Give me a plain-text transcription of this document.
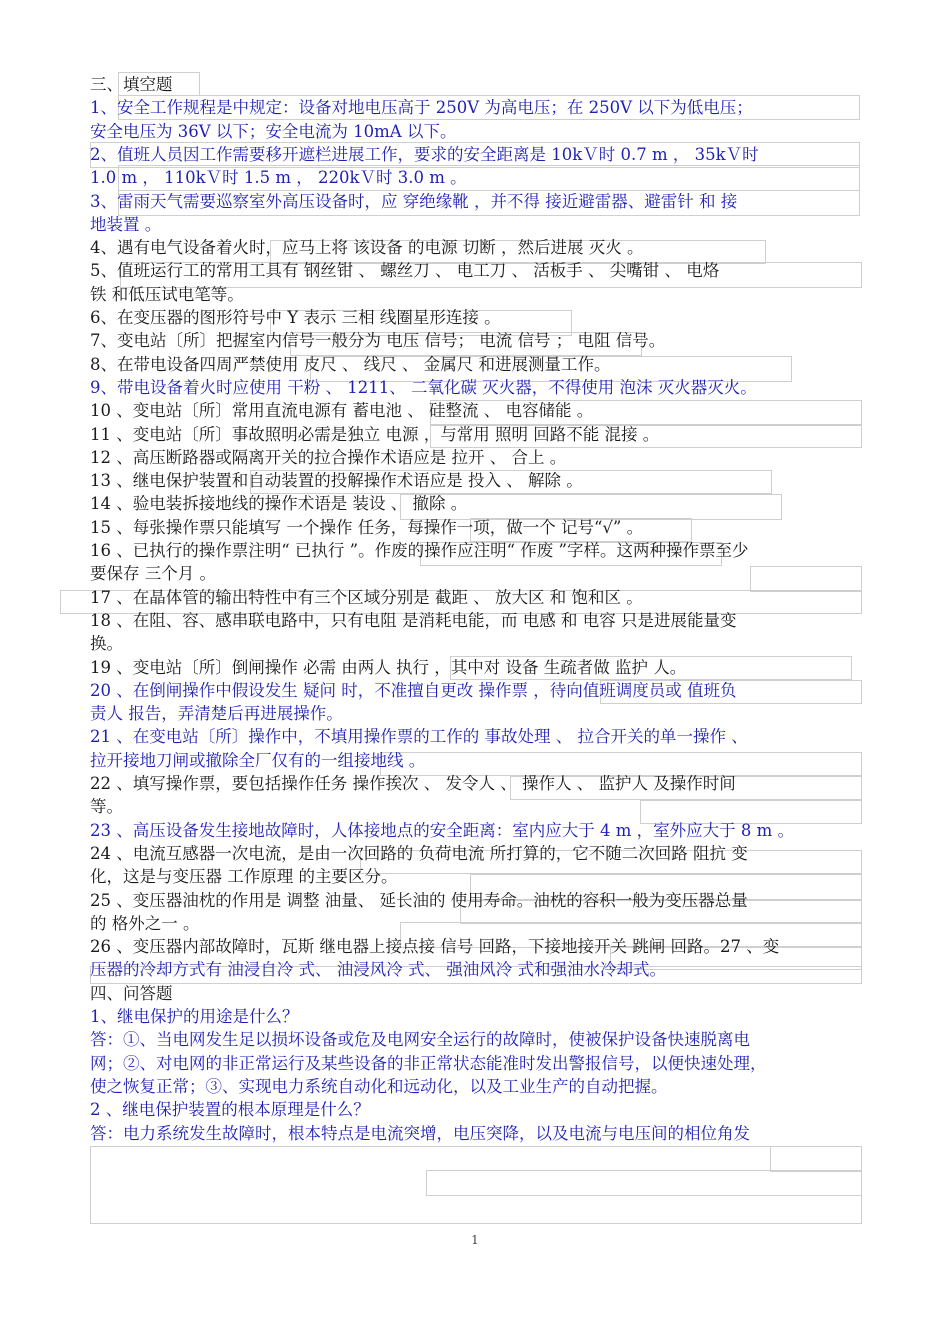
三、填空题
1、安全工作规程是中规定：设备对地电压高于 250V 为高电压；在 250V 以下为低电压；
安全电压为 36V 以下；安全电流为 10mA 以下。
2、值班人员因工作需要移开遮栏进展工作，要求的安全距离是 10kＶ时 0.7 m ， 35kＶ时
1.0 m ， 110kＶ时 1.5 m ， 220kＶ时 3.0 m 。
3、雷雨天气需要巡察室外高压设备时，应 穿绝缘靴 ，并不得 接近避雷器、避雷针 和 接
地装置 。
4、遇有电气设备着火时，应马上将 该设备 的电源 切断 ，然后进展 灭火 。
5、值班运行工的常用工具有 钢丝钳 、 螺丝刀 、 电工刀 、 活板手 、 尖嘴钳 、 电烙
铁 和低压试电笔等。
6、在变压器的图形符号中 Y 表示 三相 线圈星形连接 。
7、变电站〔所〕把握室内信号一般分为 电压 信号； 电流 信号 ； 电阻 信号。
8、在带电设备四周严禁使用 皮尺 、 线尺 、 金属尺 和进展测量工作。
9、带电设备着火时应使用 干粉 、 1211、 二氧化碳 灭火器，不得使用 泡沫 灭火器灭火。
10 、变电站〔所〕常用直流电源有 蓄电池 、 硅整流 、 电容储能 。
11 、变电站〔所〕事故照明必需是独立 电源 ，与常用 照明 回路不能 混接 。
12 、高压断路器或隔离开关的拉合操作术语应是 拉开 、 合上 。
13 、继电保护装置和自动装置的投解操作术语应是 投入 、 解除 。
14 、验电装拆接地线的操作术语是 装设 、 撤除 。
15 、每张操作票只能填写 一个操作 任务，每操作一项，做一个 记号“√” 。
16 、已执行的操作票注明“ 已执行 ”。作废的操作应注明“ 作废 ”字样。这两种操作票至少
要保存 三个月 。
17 、在晶体管的输出特性中有三个区域分别是 截距 、 放大区 和 饱和区 。
18 、在阻、容、感串联电路中，只有电阻 是消耗电能，而 电感 和 电容 只是进展能量变
换。
19 、变电站〔所〕倒闸操作 必需 由两人 执行 ，其中对 设备 生疏者做 监护 人。
20 、在倒闸操作中假设发生 疑问 时，不准擅自更改 操作票 ，待向值班调度员或 值班负
责人 报告，弄清楚后再进展操作。
21 、在变电站〔所〕操作中，不填用操作票的工作的 事故处理 、 拉合开关的单一操作 、
拉开接地刀闸或撤除全厂仅有的一组接地线 。
22 、填写操作票，要包括操作任务 操作挨次 、 发令人 、 操作人 、 监护人 及操作时间
等。
23 、高压设备发生接地故障时，人体接地点的安全距离：室内应大于 4 m ，室外应大于 8 m 。
24 、电流互感器一次电流，是由一次回路的 负荷电流 所打算的，它不随二次回路 阻抗 变
化，这是与变压器 工作原理 的主要区分。
25 、变压器油枕的作用是 调整 油量、 延长油的 使用寿命。油枕的容积一般为变压器总量
的 格外之一 。
26 、变压器内部故障时，瓦斯 继电器上接点接 信号 回路，下接地接开关 跳闸 回路。27 、变
压器的冷却方式有 油浸自冷 式、 油浸风冷 式、 强油风冷 式和强油水冷却式。
四、问答题
1、继电保护的用途是什么？
答：①、当电网发生足以损坏设备或危及电网安全运行的故障时，使被保护设备快速脱离电
网；②、对电网的非正常运行及某些设备的非正常状态能准时发出警报信号，以便快速处理，
使之恢复正常；③、实现电力系统自动化和远动化，以及工业生产的自动把握。
2 、继电保护装置的根本原理是什么？
答：电力系统发生故障时，根本特点是电流突增，电压突降，以及电流与电压间的相位角发
1
